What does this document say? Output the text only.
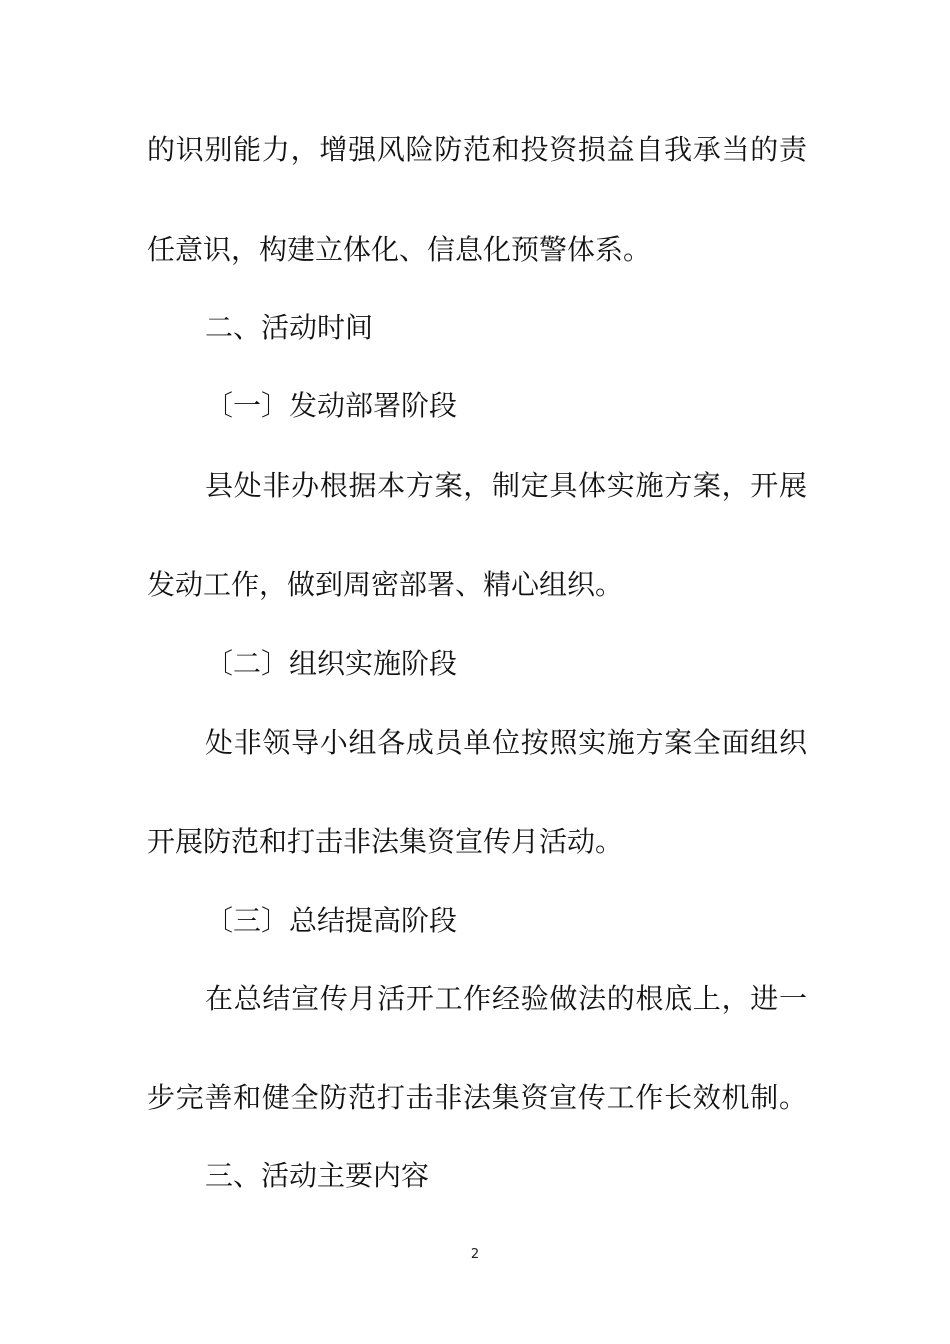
的识别能力，增强风险防范和投资损益自我承当的责
任意识，构建立体化、信息化预警体系。
二、活动时间
〔一〕发动部署阶段
县处非办根据本方案，制定具体实施方案，开展
发动工作，做到周密部署、精心组织。
〔二〕组织实施阶段
处非领导小组各成员单位按照实施方案全面组织
开展防范和打击非法集资宣传月活动。
〔三〕总结提高阶段
在总结宣传月活开工作经验做法的根底上，进一
步完善和健全防范打击非法集资宣传工作长效机制。
三、活动主要内容
2
